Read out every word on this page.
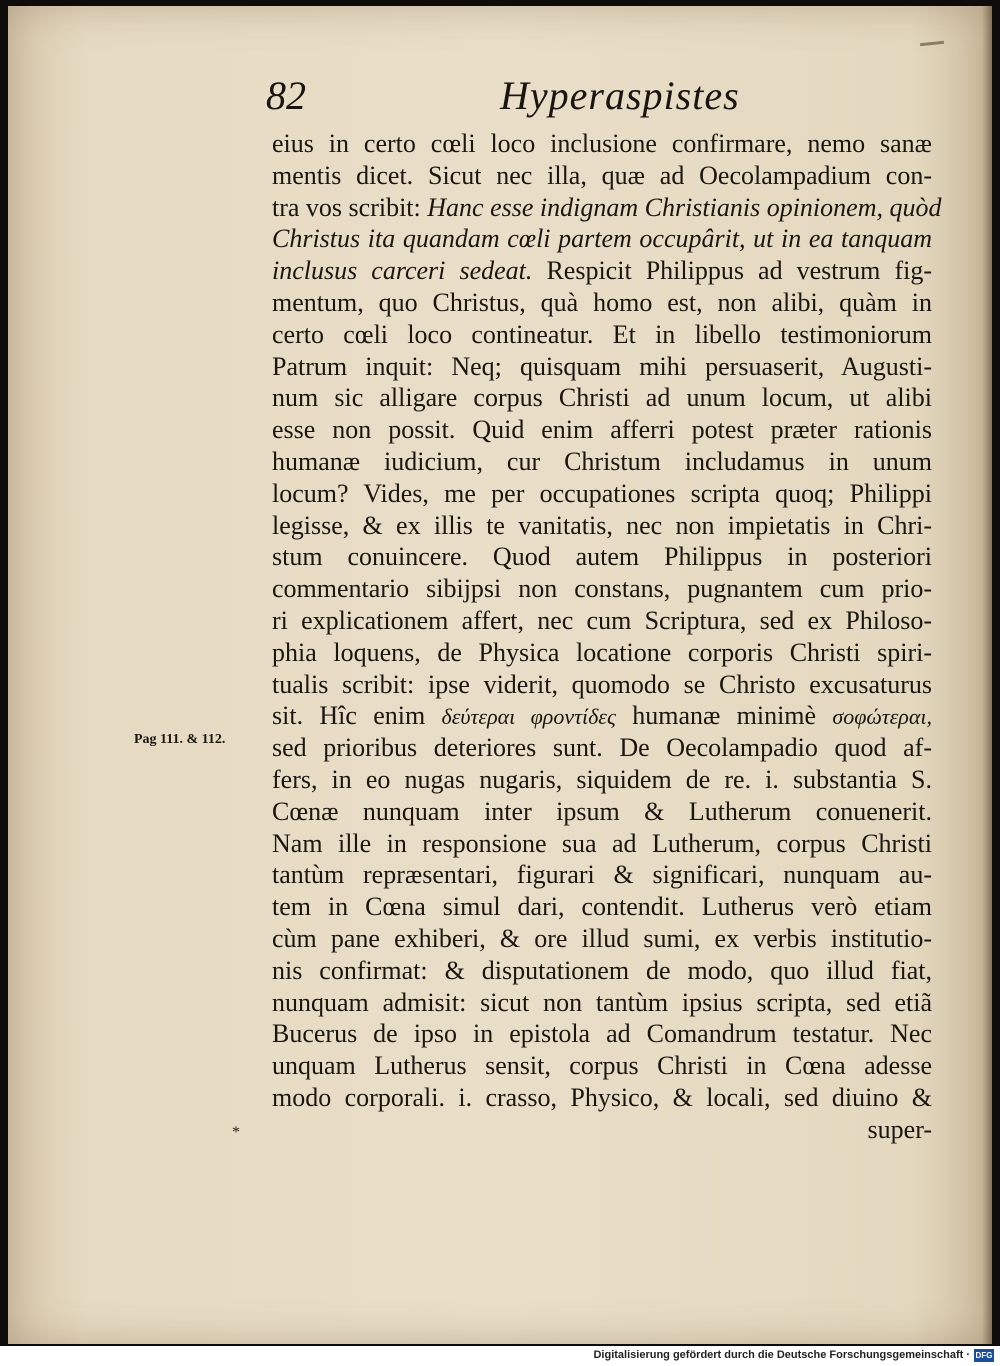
82	Hyperaspistes
Pag 111. & 112.
*
eius in certo cœli loco inclusione confirmare, nemo sanæ
mentis dicet. Sicut nec illa, quæ ad Oecolampadium con-
tra vos scribit: Hanc esse indignam Christianis opinionem, quòd
Christus ita quandam cœli partem occupârit, ut in ea tanquam
inclusus carceri sedeat. Respicit Philippus ad vestrum fig-
mentum, quo Christus, quà homo est, non alibi, quàm in
certo cœli loco contineatur. Et in libello testimoniorum
Patrum inquit: Neq; quisquam mihi persuaserit, Augusti-
num sic alligare corpus Christi ad unum locum, ut alibi
esse non possit. Quid enim afferri potest præter rationis
humanæ iudicium, cur Christum includamus in unum
locum? Vides, me per occupationes scripta quoq; Philippi
legisse, & ex illis te vanitatis, nec non impietatis in Chri-
stum conuincere. Quod autem Philippus in posteriori
commentario sibijpsi non constans, pugnantem cum prio-
ri explicationem affert, nec cum Scriptura, sed ex Philoso-
phia loquens, de Physica locatione corporis Christi spiri-
tualis scribit: ipse viderit, quomodo se Christo excusaturus
sit. Hîc enim δεύτεραι φροντίδες humanæ minimè σοφώτεραι,
sed prioribus deteriores sunt. De Oecolampadio quod af-
fers, in eo nugas nugaris, siquidem de re. i. substantia S.
Cœnæ nunquam inter ipsum & Lutherum conuenerit.
Nam ille in responsione sua ad Lutherum, corpus Christi
tantùm repræsentari, figurari & significari, nunquam au-
tem in Cœna simul dari, contendit. Lutherus verò etiam
cùm pane exhiberi, & ore illud sumi, ex verbis institutio-
nis confirmat: & disputationem de modo, quo illud fiat,
nunquam admisit: sicut non tantùm ipsius scripta, sed etiã
Bucerus de ipso in epistola ad Comandrum testatur. Nec
unquam Lutherus sensit, corpus Christi in Cœna adesse
modo corporali. i. crasso, Physico, & locali, sed diuino &
super-
Digitalisierung gefördert durch die Deutsche Forschungsgemeinschaft · DFG
